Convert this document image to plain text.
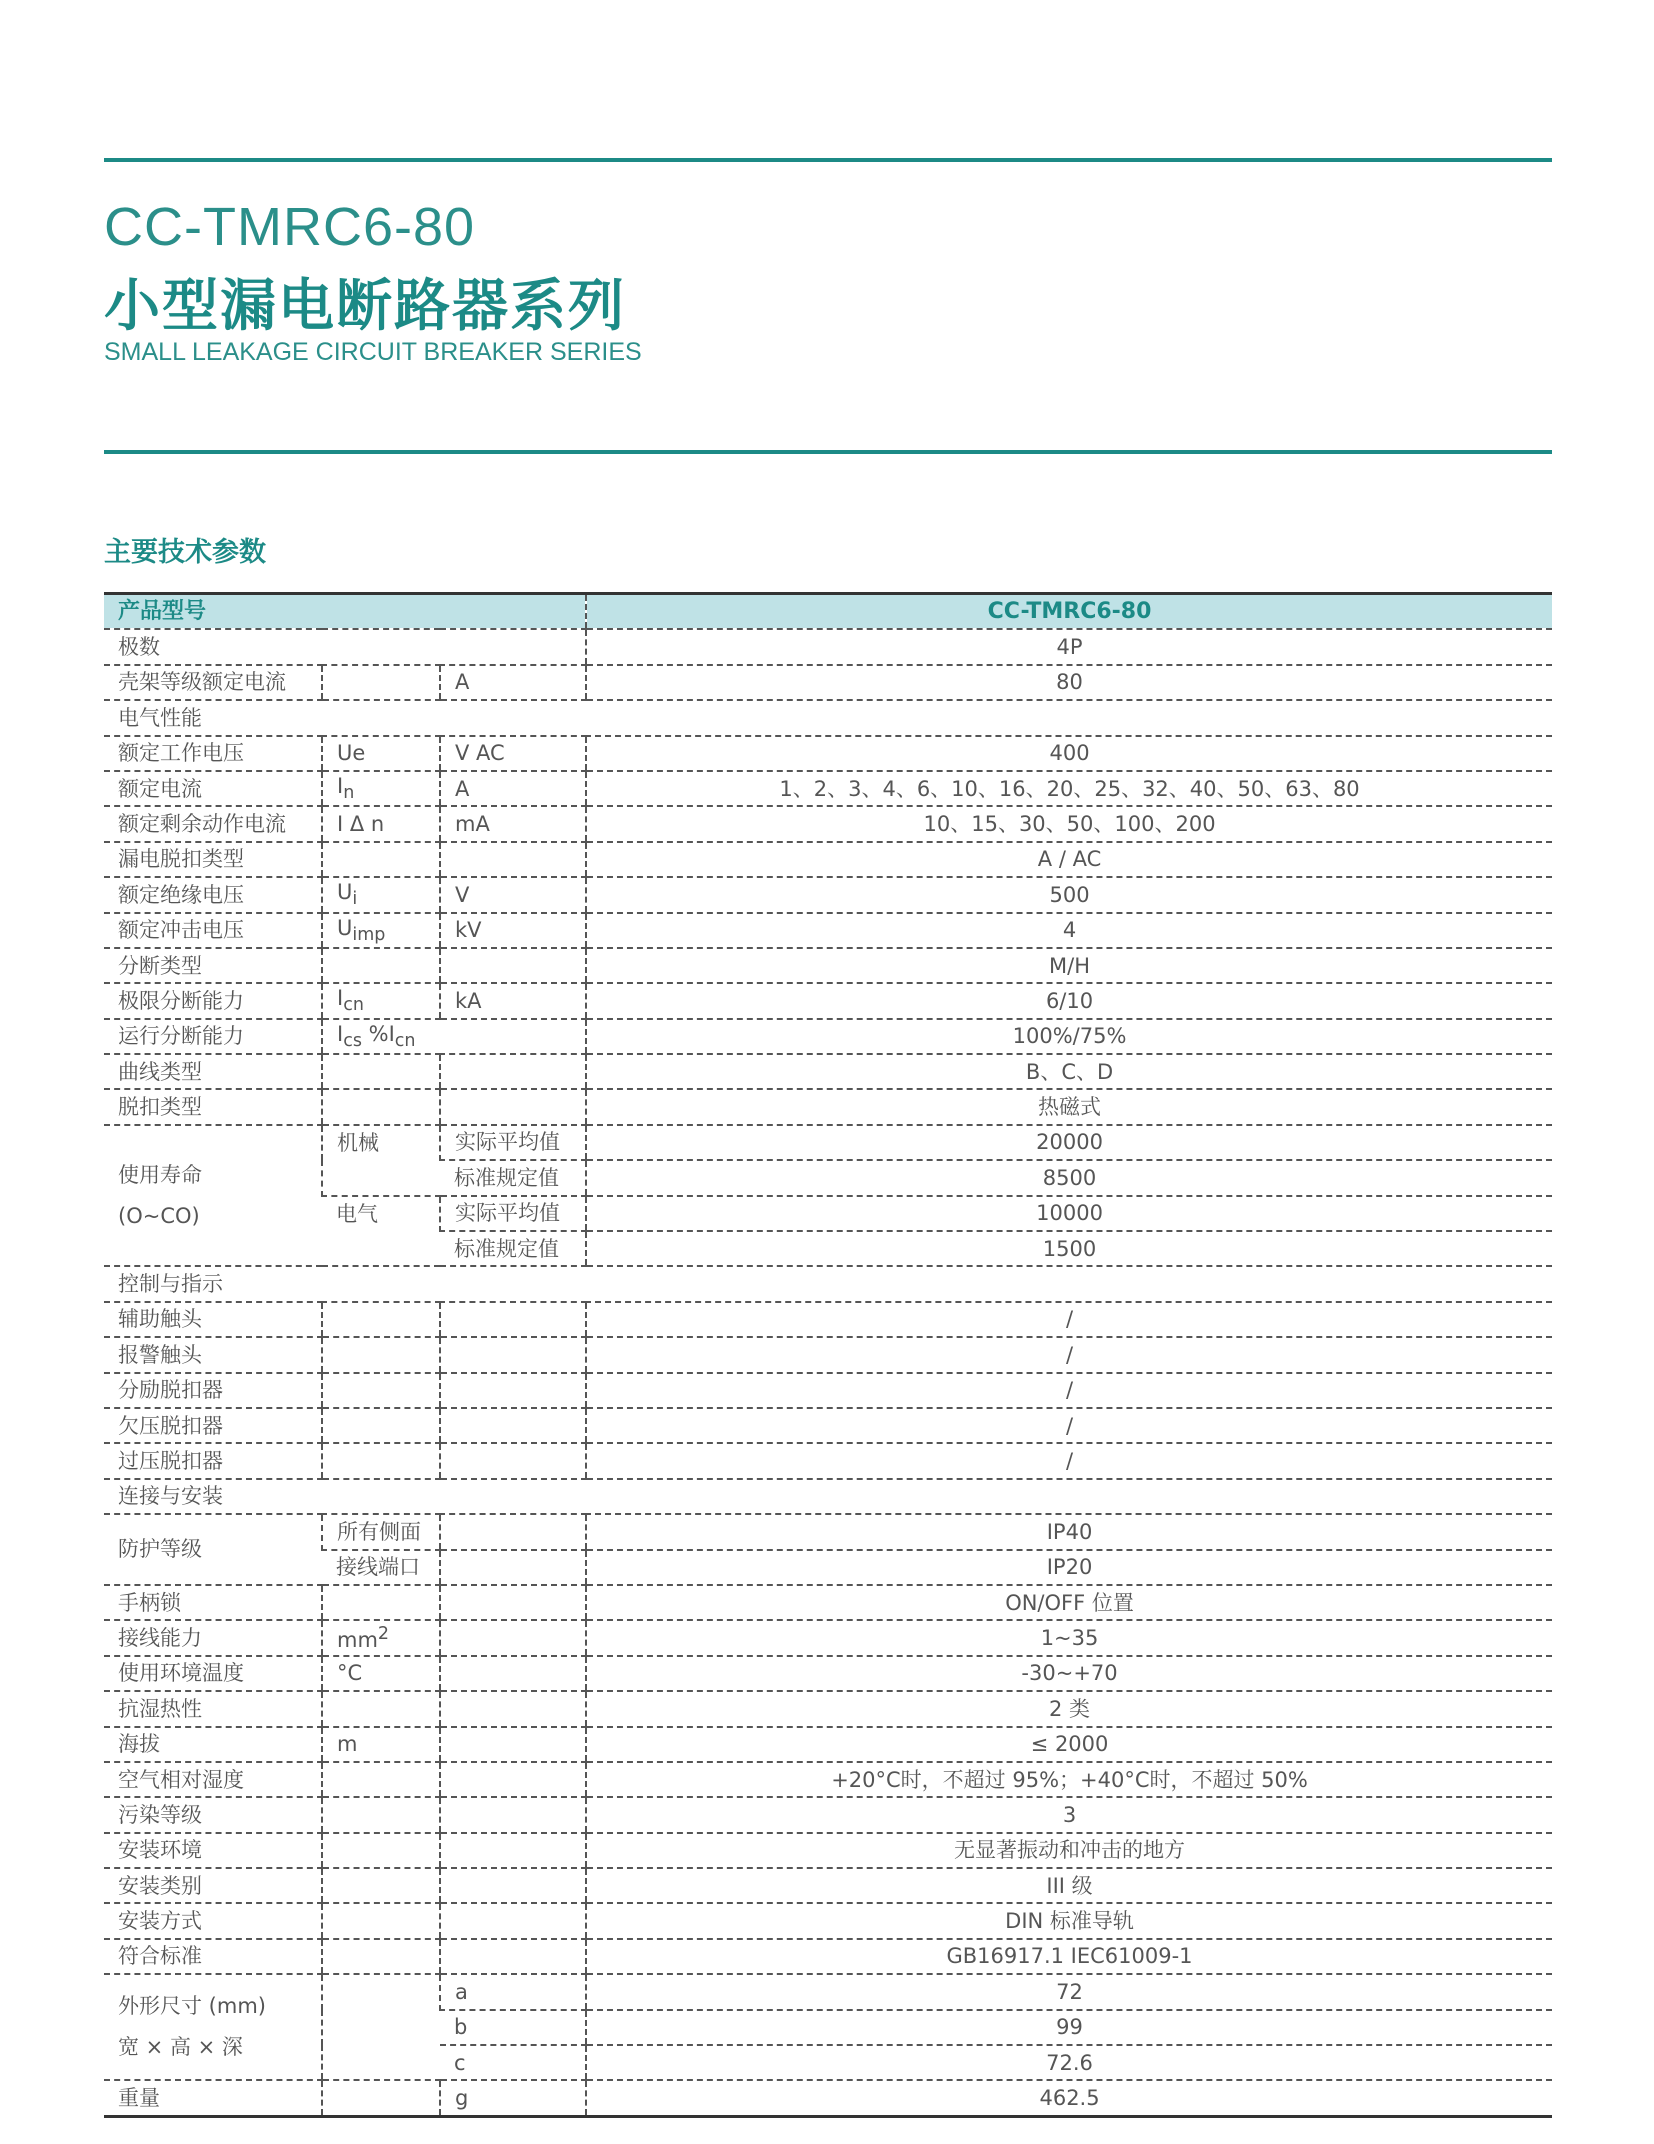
CC-TMRC6-80
小型漏电断路器系列
SMALL LEAKAGE CIRCUIT BREAKER SERIES
主要技术参数
产品型号			CC-TMRC6-80
极数			4P
壳架等级额定电流		A	80
电气性能			
额定工作电压	Ue	V AC	400
额定电流	$I_n$	A	1、2、3、4、6、10、16、20、25、32、40、50、63、80
额定剩余动作电流	I Δ n	mA	10、15、30、50、100、200
漏电脱扣类型			A / AC
额定绝缘电压	$U_i$	V	500
额定冲击电压	$U_{imp}$	kV	4
分断类型			M/H
极限分断能力	$I_{cn}$	kA	6/10
运行分断能力	$I_{cs}$ $\%I_{cn}$		100%/75%
曲线类型			B、C、D
脱扣类型			热磁式
使用寿命
(O~CO)	机械	实际平均值	20000
		标准规定值	8500
	电气	实际平均值	10000
		标准规定值	1500
控制与指示			
辅助触头			/
报警触头			/
分励脱扣器			/
欠压脱扣器			/
过压脱扣器			/
连接与安装			
防护等级	所有侧面		IP40
	接线端口		IP20
手柄锁			ON/OFF 位置
接线能力	$mm^2$		1~35
使用环境温度	°C		-30~+70
抗湿热性			2 类
海拔	m		≤ 2000
空气相对湿度			+20°C时，不超过 95%；+40°C时，不超过 50%
污染等级			3
安装环境			无显著振动和冲击的地方
安装类别			III 级
安装方式			DIN 标准导轨
符合标准			GB16917.1 IEC61009-1
外形尺寸 (mm)
宽 × 高 × 深		a	72
		b	99
		c	72.6
重量		g	462.5
